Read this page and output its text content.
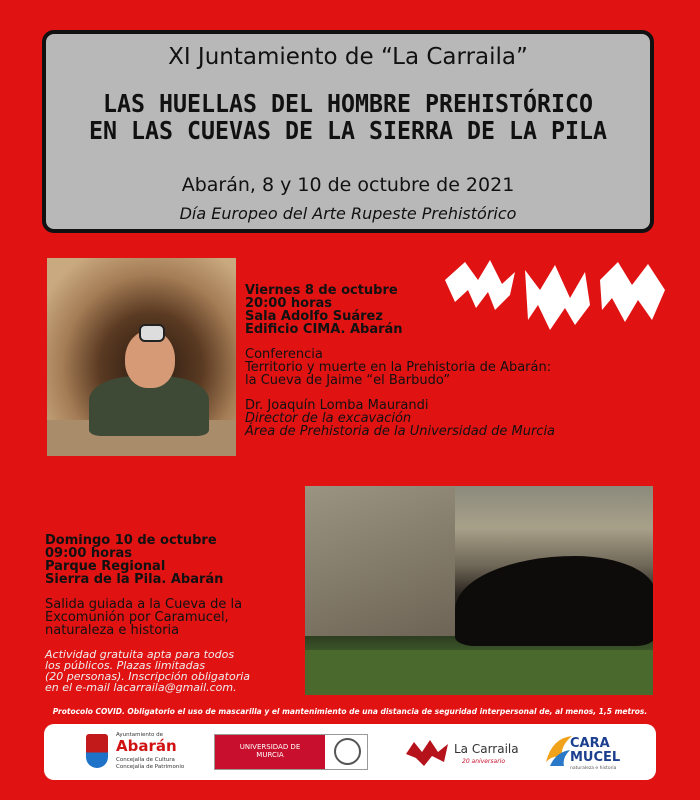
XI Juntamiento de “La Carraila”
LAS HUELLAS DEL HOMBRE PREHISTÓRICO
EN LAS CUEVAS DE LA SIERRA DE LA PILA
Abarán, 8 y 10 de octubre de 2021
Día Europeo del Arte Rupeste Prehistórico
Viernes 8 de octubre
20:00 horas
Sala Adolfo Suárez
Edificio CIMA. Abarán
Conferencia
Territorio y muerte en la Prehistoria de Abarán:
la Cueva de Jaime “el Barbudo”
Dr. Joaquín Lomba Maurandi
Director de la excavación
Área de Prehistoria de la Universidad de Murcia
Domingo 10 de octubre
09:00 horas
Parque Regional
Sierra de la Pila. Abarán
Salida guiada a la Cueva de la
Excomunión por Caramucel,
naturaleza e historia
Actividad gratuita apta para todos
los públicos. Plazas limitadas
(20 personas). Inscripción obligatoria
en el e-mail lacarraila@gmail.com.
Protocolo COVID. Obligatorio el uso de mascarilla y el mantenimiento de una distancia de seguridad interpersonal de, al menos, 1,5 metros.
Ayuntamiento de
Abarán
Concejalía de Cultura
Concejalía de Patrimonio
UNIVERSIDAD DE
MURCIA	La Carraila
20 aniversario
CARA
MUCEL
naturaleza e historia
